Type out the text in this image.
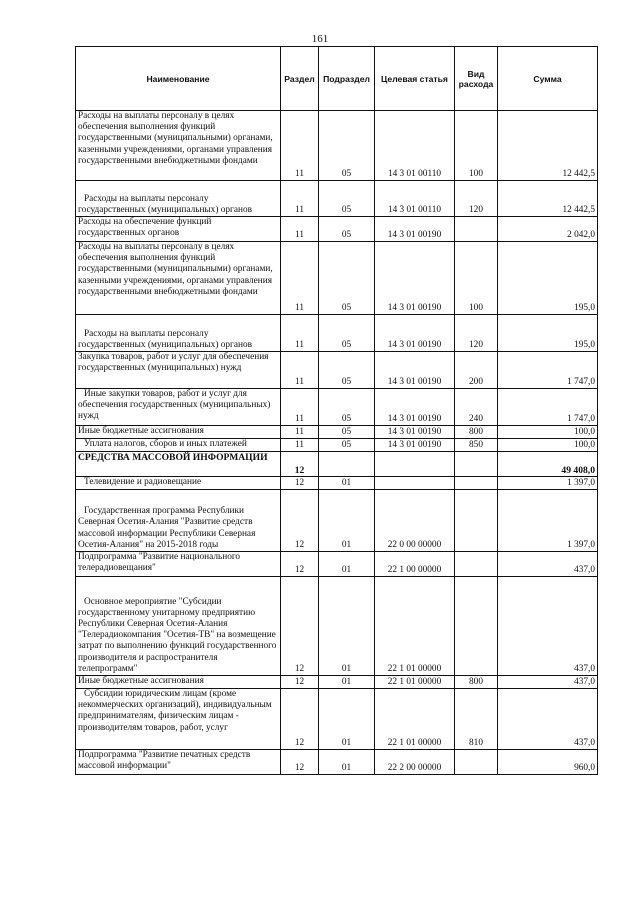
161
Наименование	Раздел	Подраздел	Целевая статья	Вид расхода	Сумма
Расходы на выплаты персоналу в целях обеспечения выполнения функций государственными (муниципальными) органами, казенными учреждениями, органами управления государственными внебюджетными фондами	11	05	14 3 01 00110	100	12 442,5
Расходы на выплаты персоналу государственных (муниципальных) органов	11	05	14 3 01 00110	120	12 442,5
Расходы на обеспечение функций государственных органов	11	05	14 3 01 00190		2 042,0
Расходы на выплаты персоналу в целях обеспечения выполнения функций государственными (муниципальными) органами, казенными учреждениями, органами управления государственными внебюджетными фондами	11	05	14 3 01 00190	100	195,0
Расходы на выплаты персоналу государственных (муниципальных) органов	11	05	14 3 01 00190	120	195,0
Закупка товаров, работ и услуг для обеспечения государственных (муниципальных) нужд	11	05	14 3 01 00190	200	1 747,0
Иные закупки товаров, работ и услуг для обеспечения государственных (муниципальных) нужд	11	05	14 3 01 00190	240	1 747,0
Иные бюджетные ассигнования	11	05	14 3 01 00190	800	100,0
Уплата налогов, сборов и иных платежей	11	05	14 3 01 00190	850	100,0
СРЕДСТВА МАССОВОЙ ИНФОРМАЦИИ	12				49 408,0
Телевидение и радиовещание	12	01			1 397,0
Государственная программа Республики Северная Осетия-Алания "Развитие средств массовой информации Республики Северная Осетия-Алания" на 2015-2018 годы	12	01	22 0 00 00000		1 397,0
Подпрограмма "Развитие национального телерадиовещания"	12	01	22 1 00 00000		437,0
Основное мероприятие "Субсидии государственному унитарному предприятию Республики Северная Осетия-Алания "Телерадиокомпания "Осетия-ТВ" на возмещение затрат по выполнению функций государственного производителя и распространителя телепрограмм"	12	01	22 1 01 00000		437,0
Иные бюджетные ассигнования	12	01	22 1 01 00000	800	437,0
Субсидии юридическим лицам (кроме некоммерческих организаций), индивидуальным предпринимателям, физическим лицам - производителям товаров, работ, услуг	12	01	22 1 01 00000	810	437,0
Подпрограмма "Развитие печатных средств массовой информации"	12	01	22 2 00 00000		960,0
